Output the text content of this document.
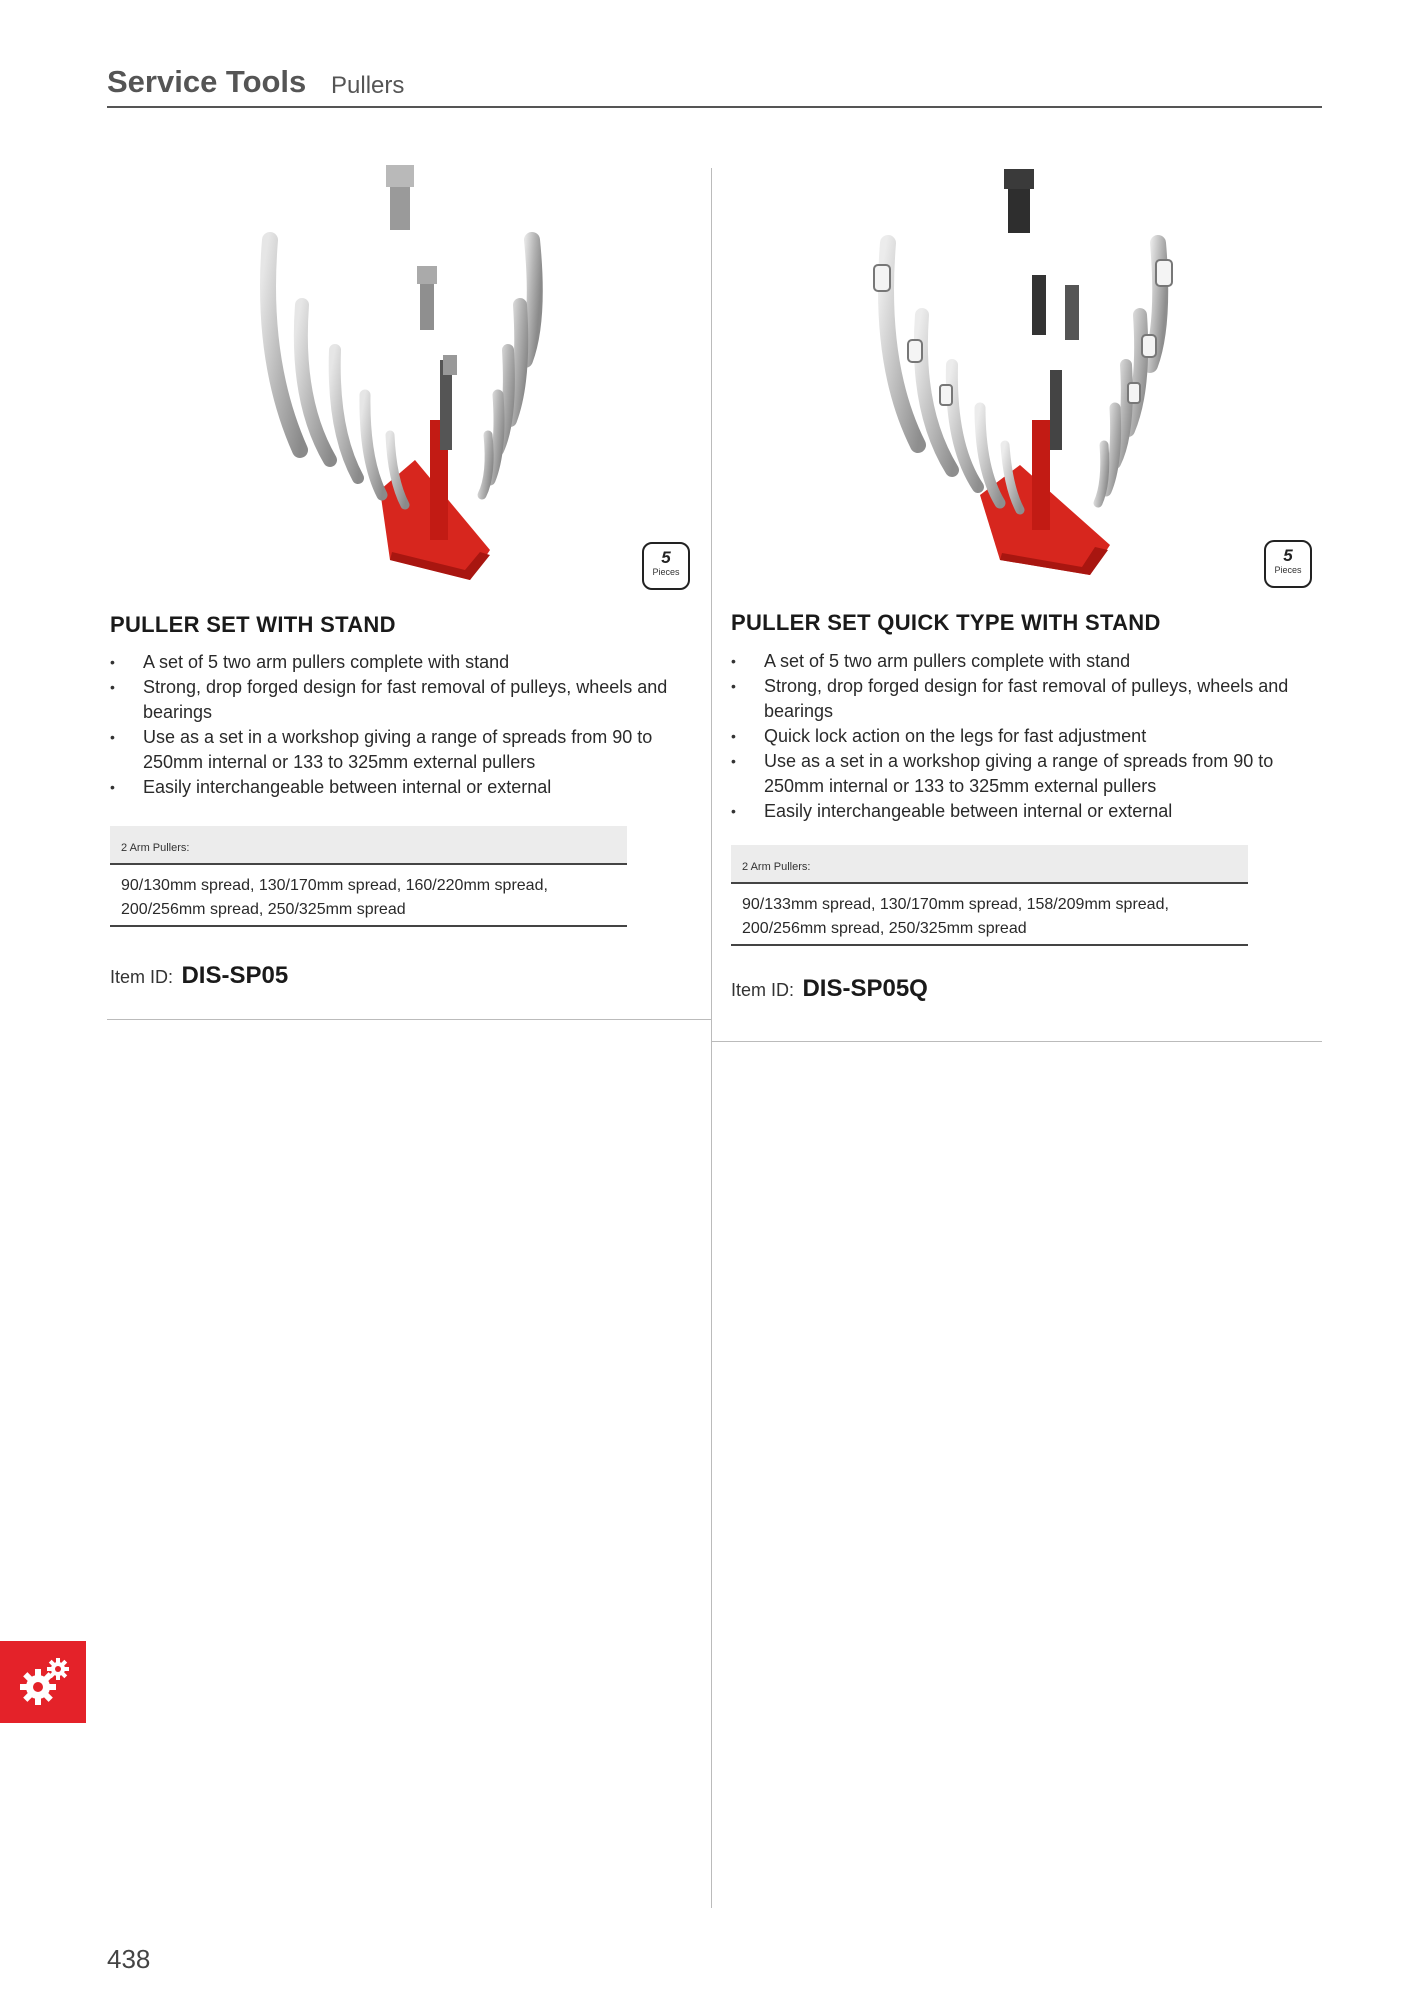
Service Tools Pullers
5
Pieces
PULLER SET WITH STAND
• A set of 5 two arm pullers complete with stand
• Strong, drop forged design for fast removal of pulleys, wheels and bearings
• Use as a set in a workshop giving a range of spreads from 90 to 250mm internal or 133 to 325mm external pullers
• Easily interchangeable between internal or external
2 Arm Pullers:
90/130mm spread, 130/170mm spread, 160/220mm spread,
200/256mm spread, 250/325mm spread
Item ID: DIS-SP05
5
Pieces
PULLER SET QUICK TYPE WITH STAND
• A set of 5 two arm pullers complete with stand
• Strong, drop forged design for fast removal of pulleys, wheels and bearings
• Quick lock action on the legs for fast adjustment
• Use as a set in a workshop giving a range of spreads from 90 to 250mm internal or 133 to 325mm external pullers
• Easily interchangeable between internal or external
2 Arm Pullers:
90/133mm spread, 130/170mm spread, 158/209mm spread,
200/256mm spread, 250/325mm spread
Item ID: DIS-SP05Q
438
